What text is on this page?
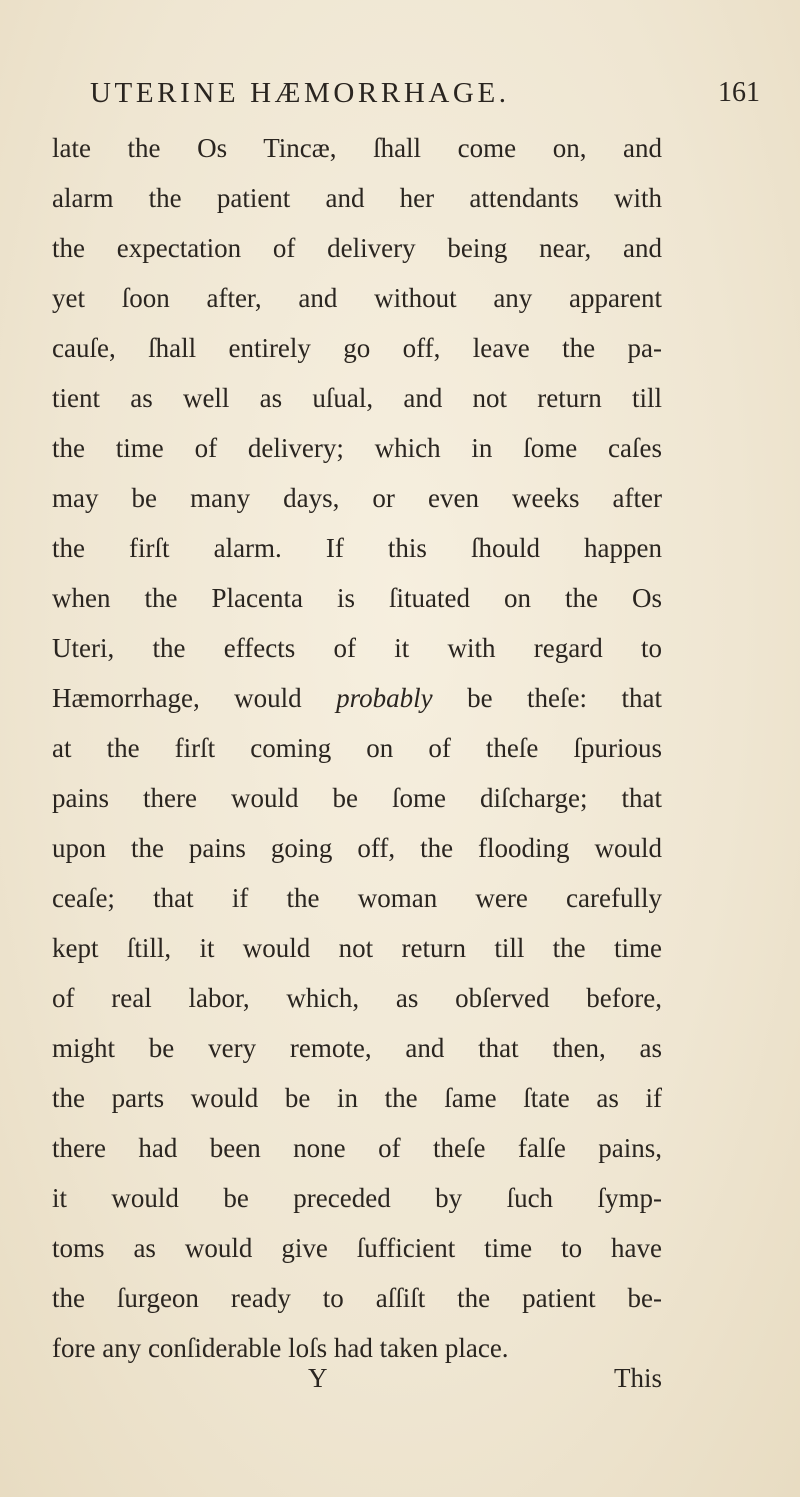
UTERINE HÆMORRHAGE.	161
late the Os Tincæ, ſhall come on, and
alarm the patient and her attendants with
the expectation of delivery being near, and
yet ſoon after, and without any apparent
cauſe, ſhall entirely go off, leave the pa-
tient as well as uſual, and not return till
the time of delivery; which in ſome caſes
may be many days, or even weeks after
the firſt alarm. If this ſhould happen
when the Placenta is ſituated on the Os
Uteri, the effects of it with regard to
Hæmorrhage, would probably be theſe: that
at the firſt coming on of theſe ſpurious
pains there would be ſome diſcharge; that
upon the pains going off, the flooding would
ceaſe; that if the woman were carefully
kept ſtill, it would not return till the time
of real labor, which, as obſerved before,
might be very remote, and that then, as
the parts would be in the ſame ſtate as if
there had been none of theſe falſe pains,
it would be preceded by ſuch ſymp-
toms as would give ſufficient time to have
the ſurgeon ready to aſſiſt the patient be-
fore any conſiderable loſs had taken place.
Y	This
